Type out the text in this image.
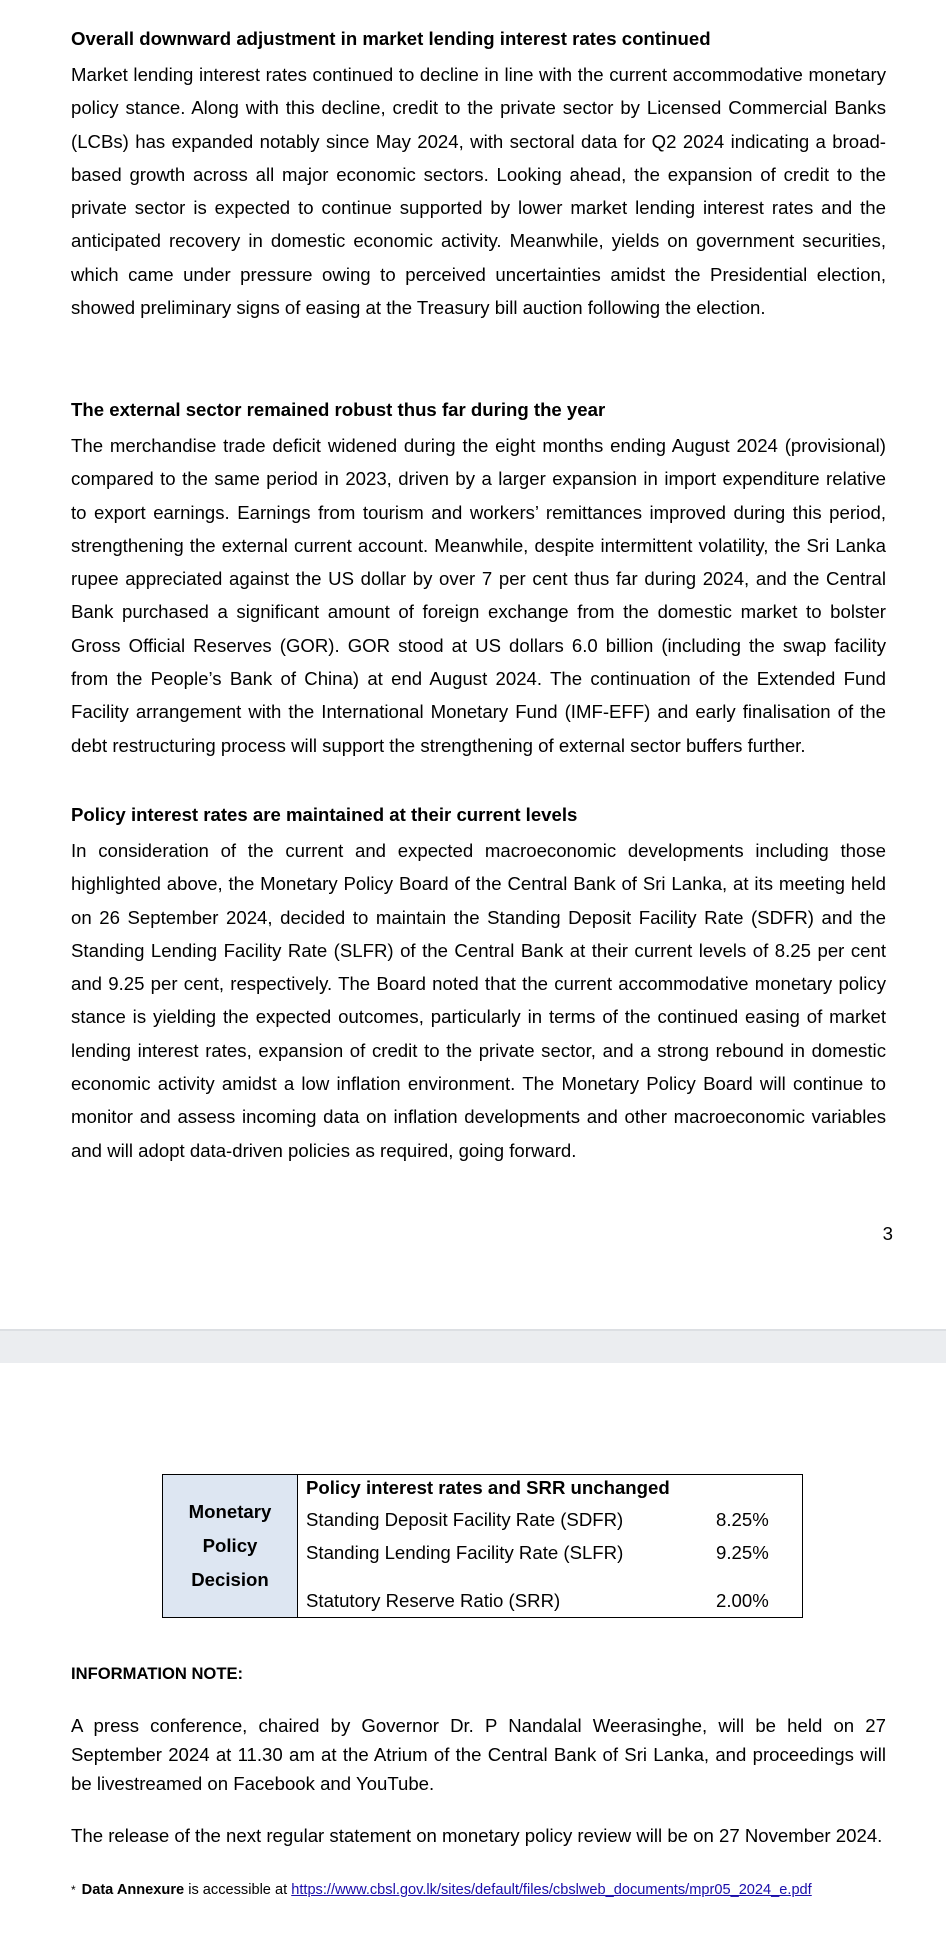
Overall downward adjustment in market lending interest rates continued

Market lending interest rates continued to decline in line with the current accommodative monetary policy stance. Along with this decline, credit to the private sector by Licensed Commercial Banks (LCBs) has expanded notably since May 2024, with sectoral data for Q2 2024 indicating a broad-based growth across all major economic sectors. Looking ahead, the expansion of credit to the private sector is expected to continue supported by lower market lending interest rates and the anticipated recovery in domestic economic activity. Meanwhile, yields on government securities, which came under pressure owing to perceived uncertainties amidst the Presidential election, showed preliminary signs of easing at the Treasury bill auction following the election.

The external sector remained robust thus far during the year

The merchandise trade deficit widened during the eight months ending August 2024 (provisional) compared to the same period in 2023, driven by a larger expansion in import expenditure relative to export earnings. Earnings from tourism and workers’ remittances improved during this period, strengthening the external current account. Meanwhile, despite intermittent volatility, the Sri Lanka rupee appreciated against the US dollar by over 7 per cent thus far during 2024, and the Central Bank purchased a significant amount of foreign exchange from the domestic market to bolster Gross Official Reserves (GOR). GOR stood at US dollars 6.0 billion (including the swap facility from the People’s Bank of China) at end August 2024. The continuation of the Extended Fund Facility arrangement with the International Monetary Fund (IMF-EFF) and early finalisation of the debt restructuring process will support the strengthening of external sector buffers further.

Policy interest rates are maintained at their current levels

In consideration of the current and expected macroeconomic developments including those highlighted above, the Monetary Policy Board of the Central Bank of Sri Lanka, at its meeting held on 26 September 2024, decided to maintain the Standing Deposit Facility Rate (SDFR) and the Standing Lending Facility Rate (SLFR) of the Central Bank at their current levels of 8.25 per cent and 9.25 per cent, respectively. The Board noted that the current accommodative monetary policy stance is yielding the expected outcomes, particularly in terms of the continued easing of market lending interest rates, expansion of credit to the private sector, and a strong rebound in domestic economic activity amidst a low inflation environment. The Monetary Policy Board will continue to monitor and assess incoming data on inflation developments and other macroeconomic variables and will adopt data-driven policies as required, going forward.

3
Monetary
Policy
Decision

Policy interest rates and SRR unchanged
Standing Deposit Facility Rate (SDFR)	8.25%
Standing Lending Facility Rate (SLFR)	9.25%
Statutory Reserve Ratio (SRR)	2.00%
INFORMATION NOTE:

A press conference, chaired by Governor Dr. P Nandalal Weerasinghe, will be held on 27 September 2024 at 11.30 am at the Atrium of the Central Bank of Sri Lanka, and proceedings will be livestreamed on Facebook and YouTube.

The release of the next regular statement on monetary policy review will be on 27 November 2024.

* Data Annexure is accessible at https://www.cbsl.gov.lk/sites/default/files/cbslweb_documents/mpr05_2024_e.pdf
